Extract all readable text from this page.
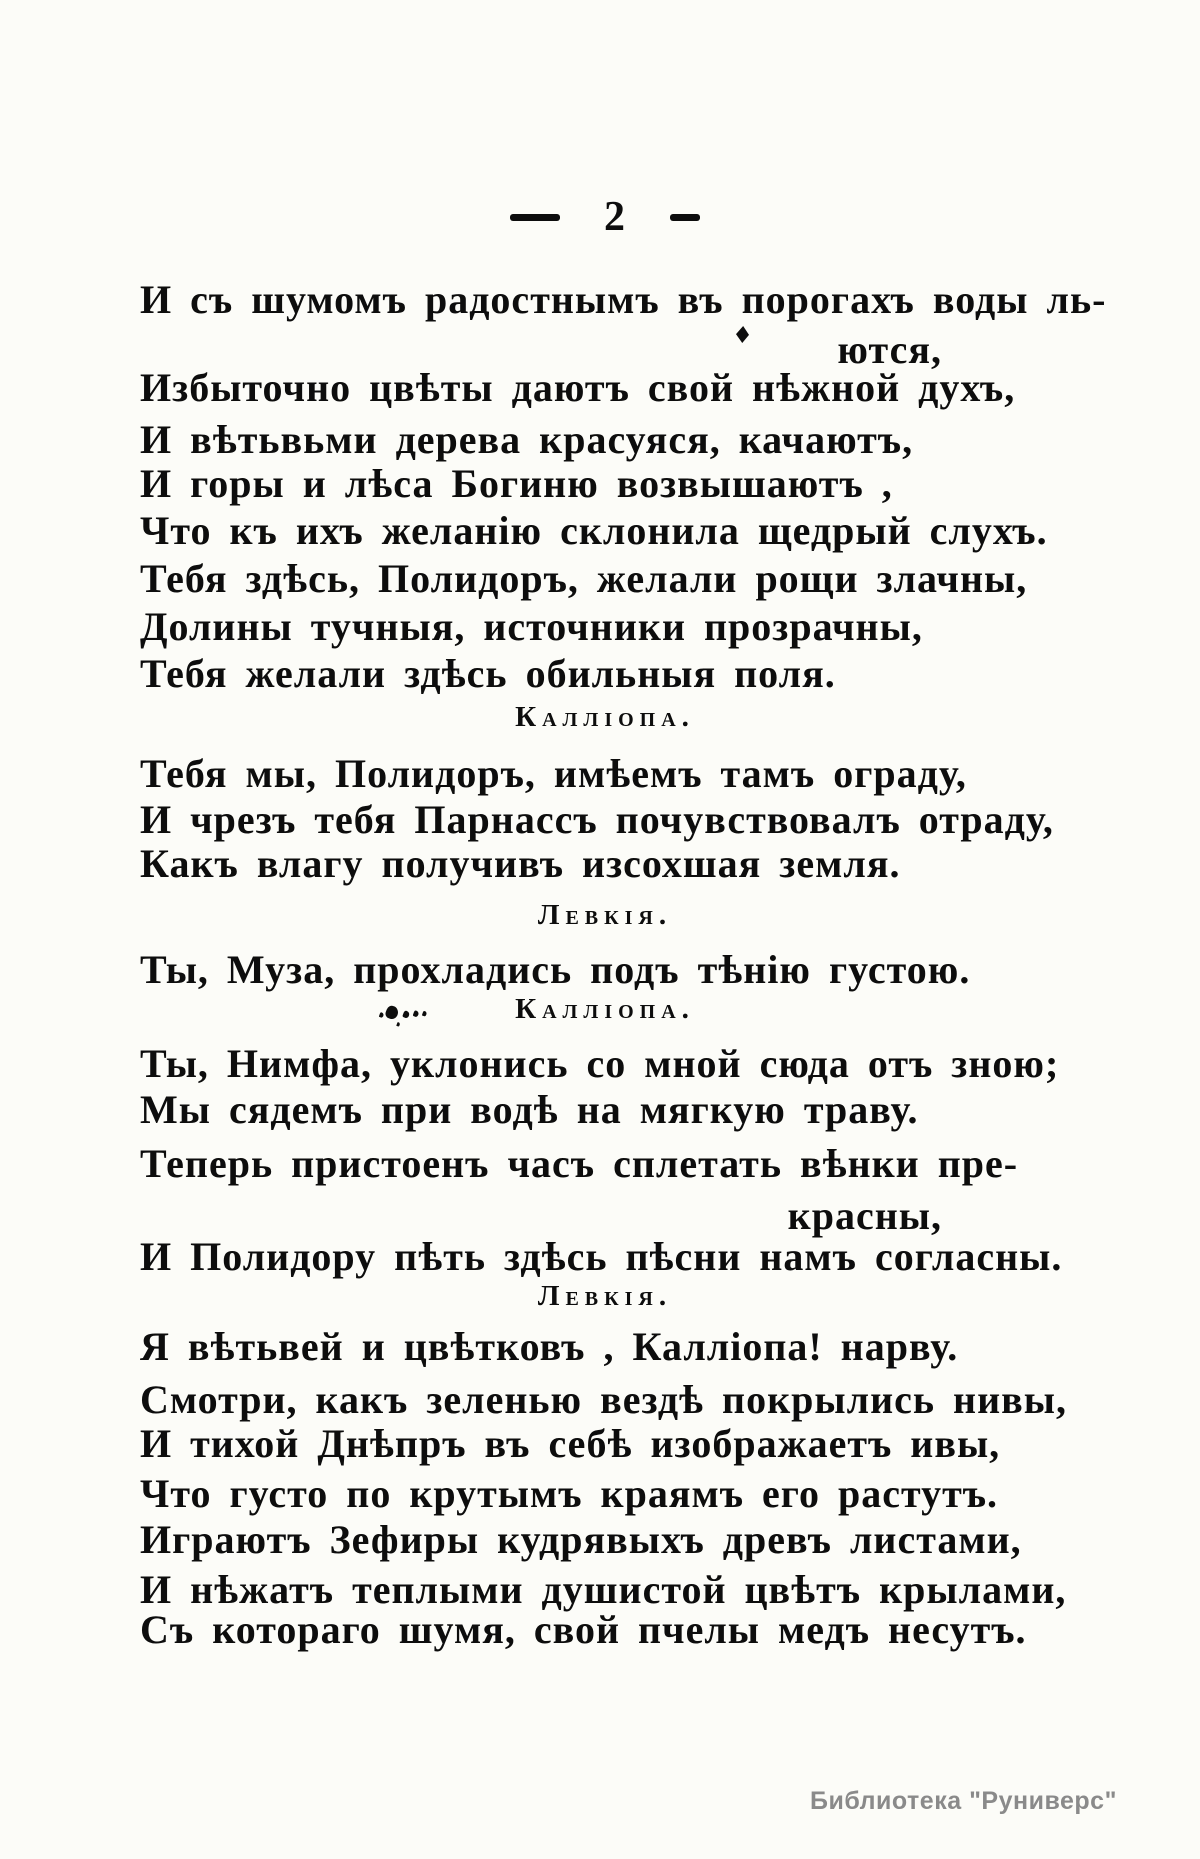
2
И съ шумомъ радостнымъ въ порогахъ воды ль-
ются,
Избыточно цвѣты даютъ свой нѣжной духъ,
И вѣтьвьми дерева красуяся, качаютъ,
И горы и лѣса Богиню возвышаютъ ,
Что къ ихъ желанію склонила щедрый слухъ.
Тебя здѣсь, Полидоръ, желали рощи злачны,
Долины тучныя, источники прозрачны,
Тебя желали здѣсь обильныя поля.
Каллiопа.
Тебя мы, Полидоръ, имѣемъ тамъ ограду,
И чрезъ тебя Парнассъ почувствовалъ отраду,
Какъ влагу получивъ изсохшая земля.
Левкiя.
Ты, Муза, прохладись подъ тѣнію густою.
Каллiопа.
Ты, Нимфа, уклонись со мной сюда отъ зною;
Мы сядемъ при водѣ на мягкую траву.
Теперь пристоенъ часъ сплетать вѣнки пре-
красны,
И Полидору пѣть здѣсь пѣсни намъ согласны.
Левкiя.
Я вѣтьвей и цвѣтковъ , Каллiопа! нарву.
Смотри, какъ зеленью вездѣ покрылись нивы,
И тихой Днѣпръ въ себѣ изображаетъ ивы,
Что густо по крутымъ краямъ его растутъ.
Играютъ Зефиры кудрявыхъ древъ листами,
И нѣжатъ теплыми душистой цвѣтъ крылами,
Съ котораго шумя, свой пчелы медъ несутъ.
Библиотека "Руниверс"
